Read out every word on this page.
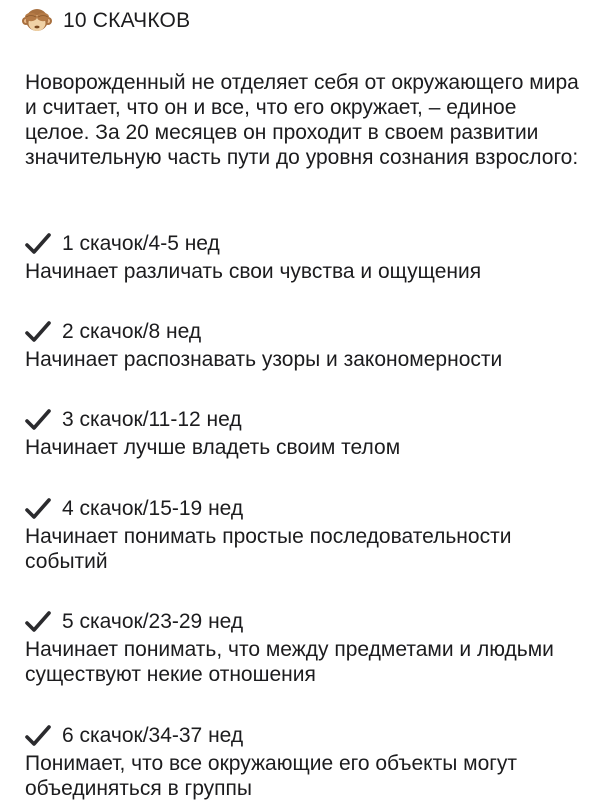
10 СКАЧКОВ
Новорожденный не отделяет себя от окружающего мира и считает, что он и все, что его окружает, – единое целое. За 20 месяцев он проходит в своем развитии значительную часть пути до уровня сознания взрослого:
1 скачок/4-5 нед
Начинает различать свои чувства и ощущения
2 скачок/8 нед
Начинает распознавать узоры и закономерности
3 скачок/11-12 нед
Начинает лучше владеть своим телом
4 скачок/15-19 нед
Начинает понимать простые последовательности событий
5 скачок/23-29 нед
Начинает понимать, что между предметами и людьми существуют некие отношения
6 скачок/34-37 нед
Понимает, что все окружающие его объекты могут объединяться в группы
